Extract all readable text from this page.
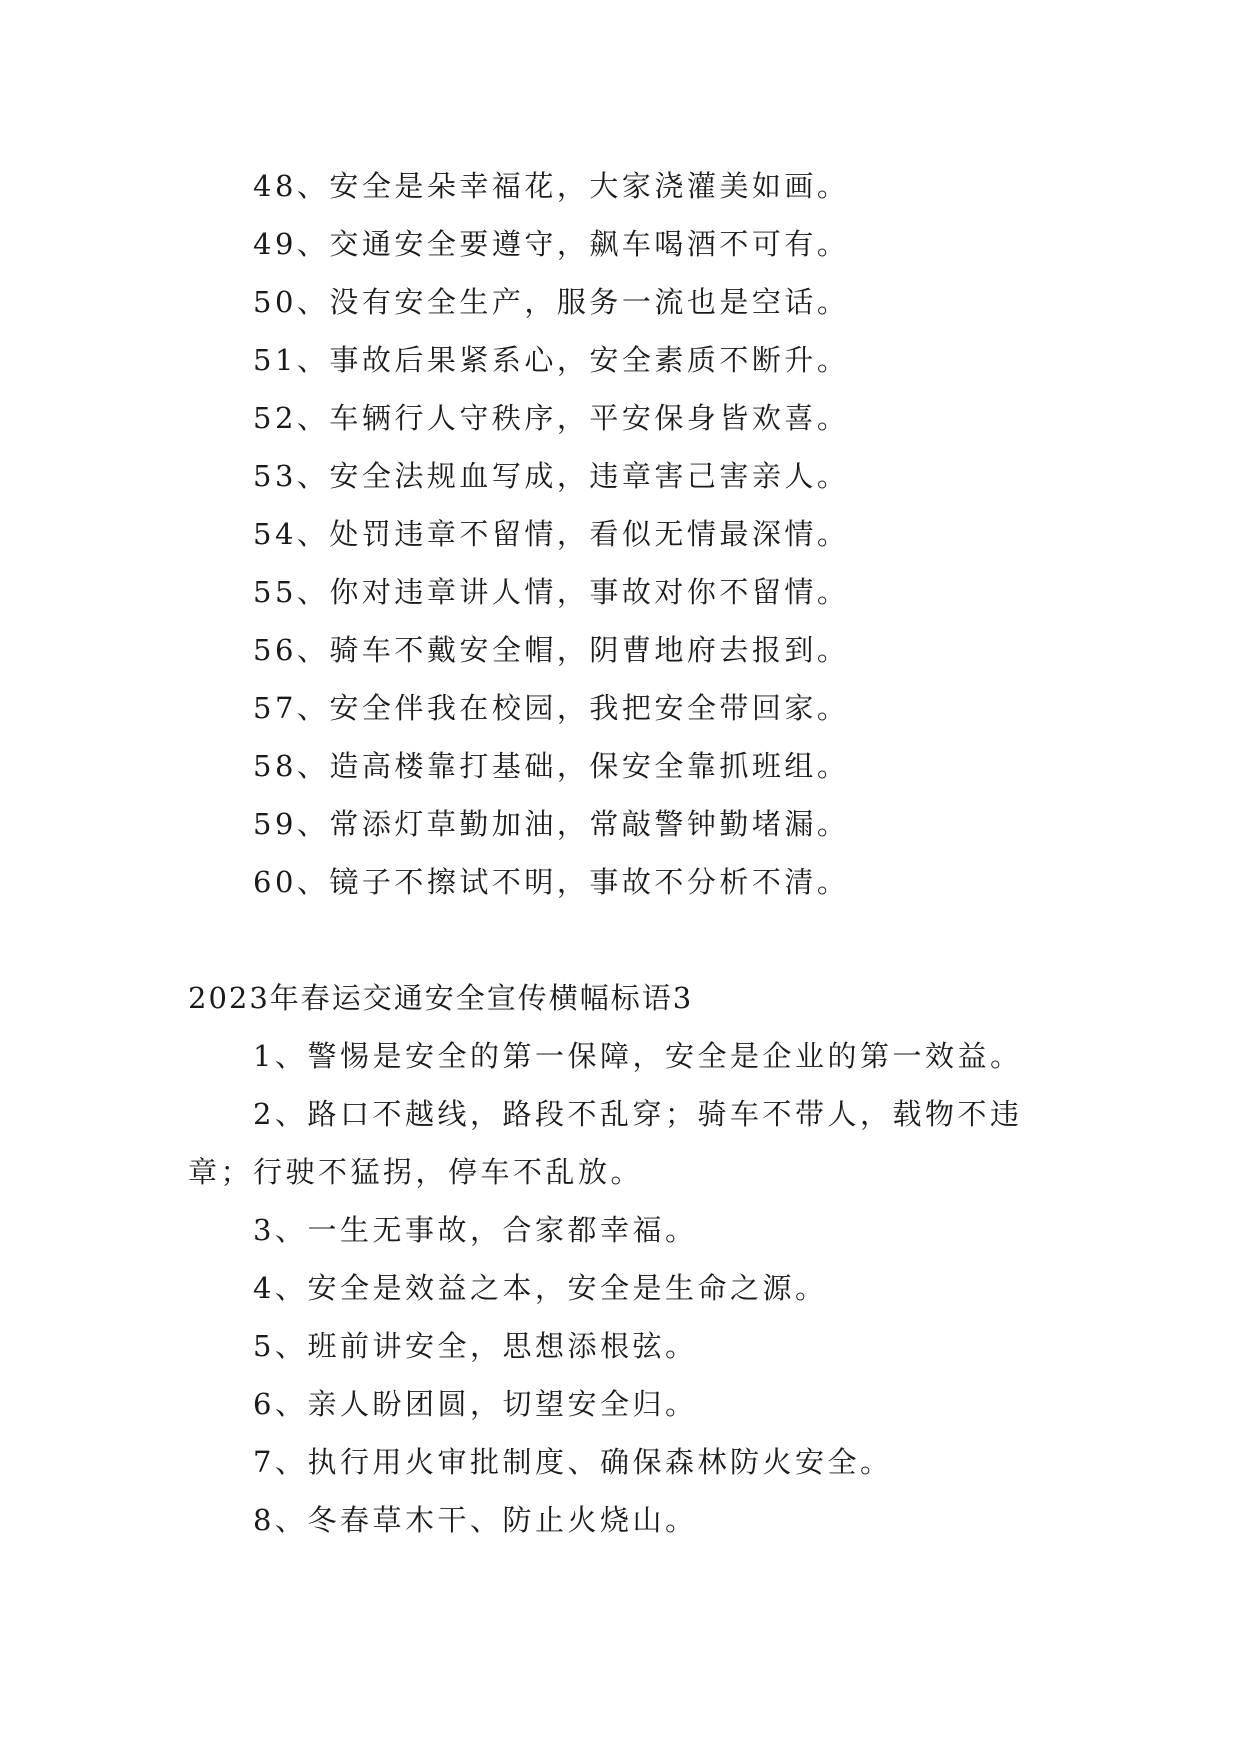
48、安全是朵幸福花，大家浇灌美如画。
49、交通安全要遵守，飙车喝酒不可有。
50、没有安全生产，服务一流也是空话。
51、事故后果紧系心，安全素质不断升。
52、车辆行人守秩序，平安保身皆欢喜。
53、安全法规血写成，违章害己害亲人。
54、处罚违章不留情，看似无情最深情。
55、你对违章讲人情，事故对你不留情。
56、骑车不戴安全帽，阴曹地府去报到。
57、安全伴我在校园，我把安全带回家。
58、造高楼靠打基础，保安全靠抓班组。
59、常添灯草勤加油，常敲警钟勤堵漏。
60、镜子不擦试不明，事故不分析不清。
2023年春运交通安全宣传横幅标语3
1、警惕是安全的第一保障，安全是企业的第一效益。
2、路口不越线，路段不乱穿；骑车不带人，载物不违
章；行驶不猛拐，停车不乱放。
3、一生无事故，合家都幸福。
4、安全是效益之本，安全是生命之源。
5、班前讲安全，思想添根弦。
6、亲人盼团圆，切望安全归。
7、执行用火审批制度、确保森林防火安全。
8、冬春草木干、防止火烧山。
